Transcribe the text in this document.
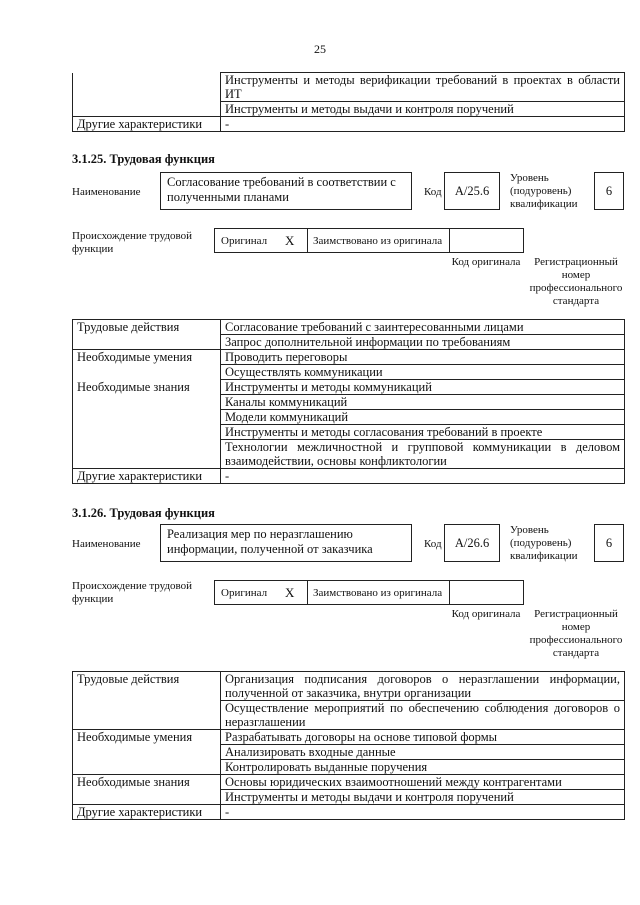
25
	Инструменты и методы верификации требований в проектах в области ИТ
	Инструменты и методы выдачи и контроля поручений
Другие характеристики	-
3.1.25. Трудовая функция
Наименование
Согласование требований в соответствии с полученными планами	Код	A/25.6
Уровень (подуровень) квалификации
6
Происхождение трудовой функции
Оригинал X Заимствовано из оригинала
Код оригинала	Регистрационный номер профессионального стандарта
Трудовые действия	Согласование требований с заинтересованными лицами
	Запрос дополнительной информации по требованиям
Необходимые умения	Проводить переговоры
	Осуществлять коммуникации
Необходимые знания	Инструменты и методы коммуникаций
	Каналы коммуникаций
	Модели коммуникаций
	Инструменты и методы согласования требований в проекте
	Технологии межличностной и групповой коммуникации в деловом взаимодействии, основы конфликтологии
Другие характеристики	-
3.1.26. Трудовая функция
Наименование
Реализация мер по неразглашению информации, полученной от заказчика	Код	A/26.6
Уровень (подуровень) квалификации
6
Происхождение трудовой функции	Оригинал X Заимствовано из оригинала
Код оригинала	Регистрационный номер профессионального стандарта
Трудовые действия	Организация подписания договоров о неразглашении информации, полученной от заказчика, внутри организации
	Осуществление мероприятий по обеспечению соблюдения договоров о неразглашении
Необходимые умения	Разрабатывать договоры на основе типовой формы
	Анализировать входные данные
	Контролировать выданные поручения
Необходимые знания	Основы юридических взаимоотношений между контрагентами
	Инструменты и методы выдачи и контроля поручений
Другие характеристики	-
